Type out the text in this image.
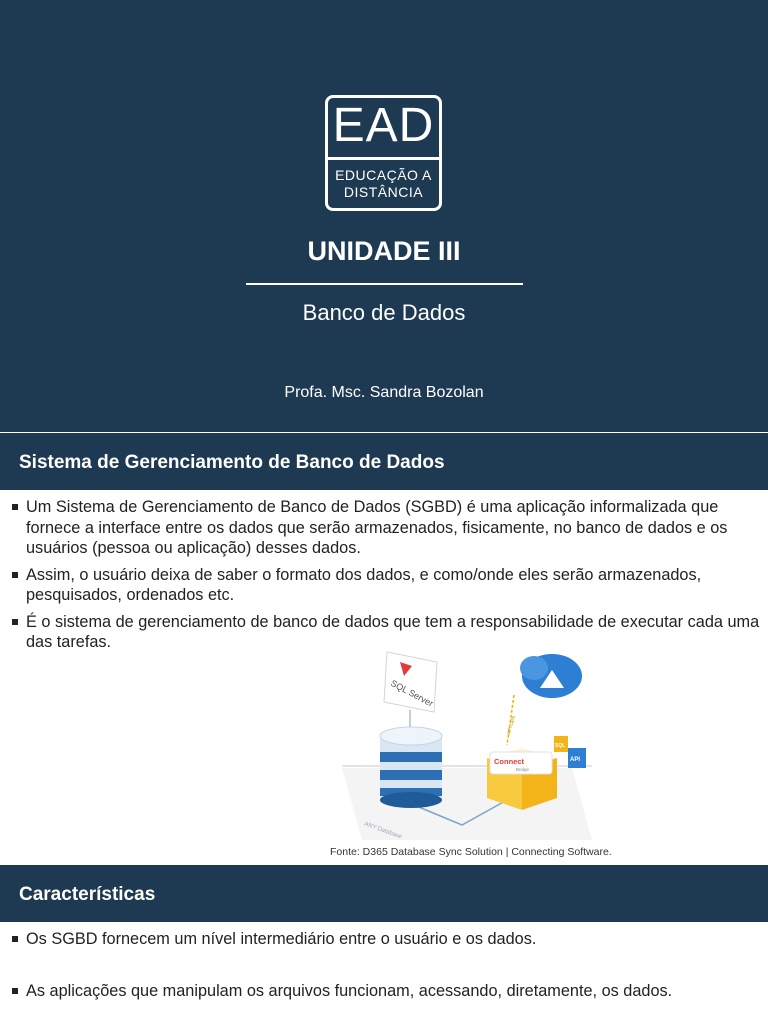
EAD
EDUCAÇÃO A
DISTÂNCIA
UNIDADE III
Banco de Dados
Profa. Msc. Sandra Bozolan
Sistema de Gerenciamento de Banco de Dados
Um Sistema de Gerenciamento de Banco de Dados (SGBD) é uma aplicação informalizada que fornece a interface entre os dados que serão armazenados, fisicamente, no banco de dados e os usuários (pessoa ou aplicação) desses dados.
Assim, o usuário deixa de saber o formato dos dados, e como/onde eles serão armazenados, pesquisados, ordenados etc.
É o sistema de gerenciamento de banco de dados que tem a responsabilidade de executar cada uma das tarefas.
ANY Database
SQL Server
API calls
Connect
Bridge
SQL
API
Fonte: D365 Database Sync Solution | Connecting Software.
Características
Os SGBD fornecem um nível intermediário entre o usuário e os dados.
As aplicações que manipulam os arquivos funcionam, acessando, diretamente, os dados.
